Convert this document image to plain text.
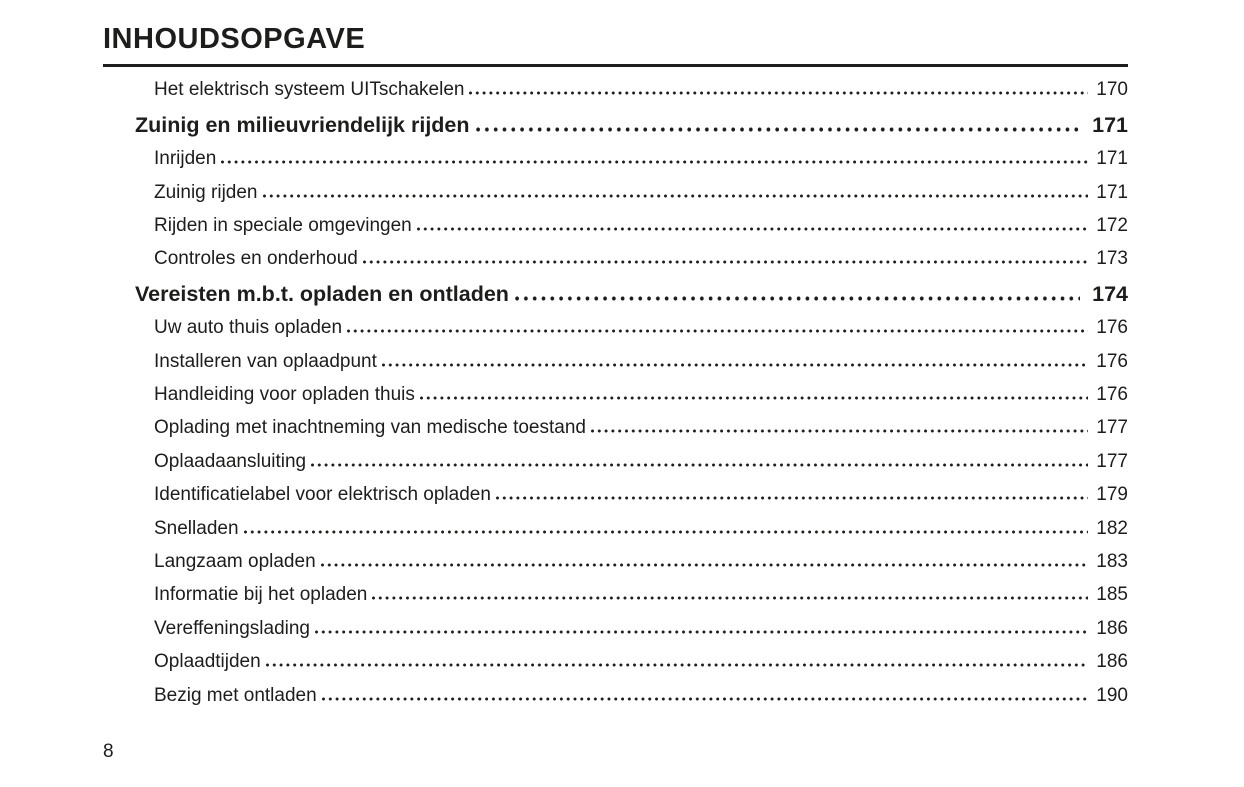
INHOUDSOPGAVE
Het elektrisch systeem UITschakelen	170
Zuinig en milieuvriendelijk rijden	171
Inrijden	171
Zuinig rijden	171
Rijden in speciale omgevingen	172
Controles en onderhoud	173
Vereisten m.b.t. opladen en ontladen	174
Uw auto thuis opladen	176
Installeren van oplaadpunt	176
Handleiding voor opladen thuis	176
Oplading met inachtneming van medische toestand	177
Oplaadaansluiting	177
Identificatielabel voor elektrisch opladen	179
Snelladen	182
Langzaam opladen	183
Informatie bij het opladen	185
Vereffeningslading	186
Oplaadtijden	186
Bezig met ontladen	190
8
